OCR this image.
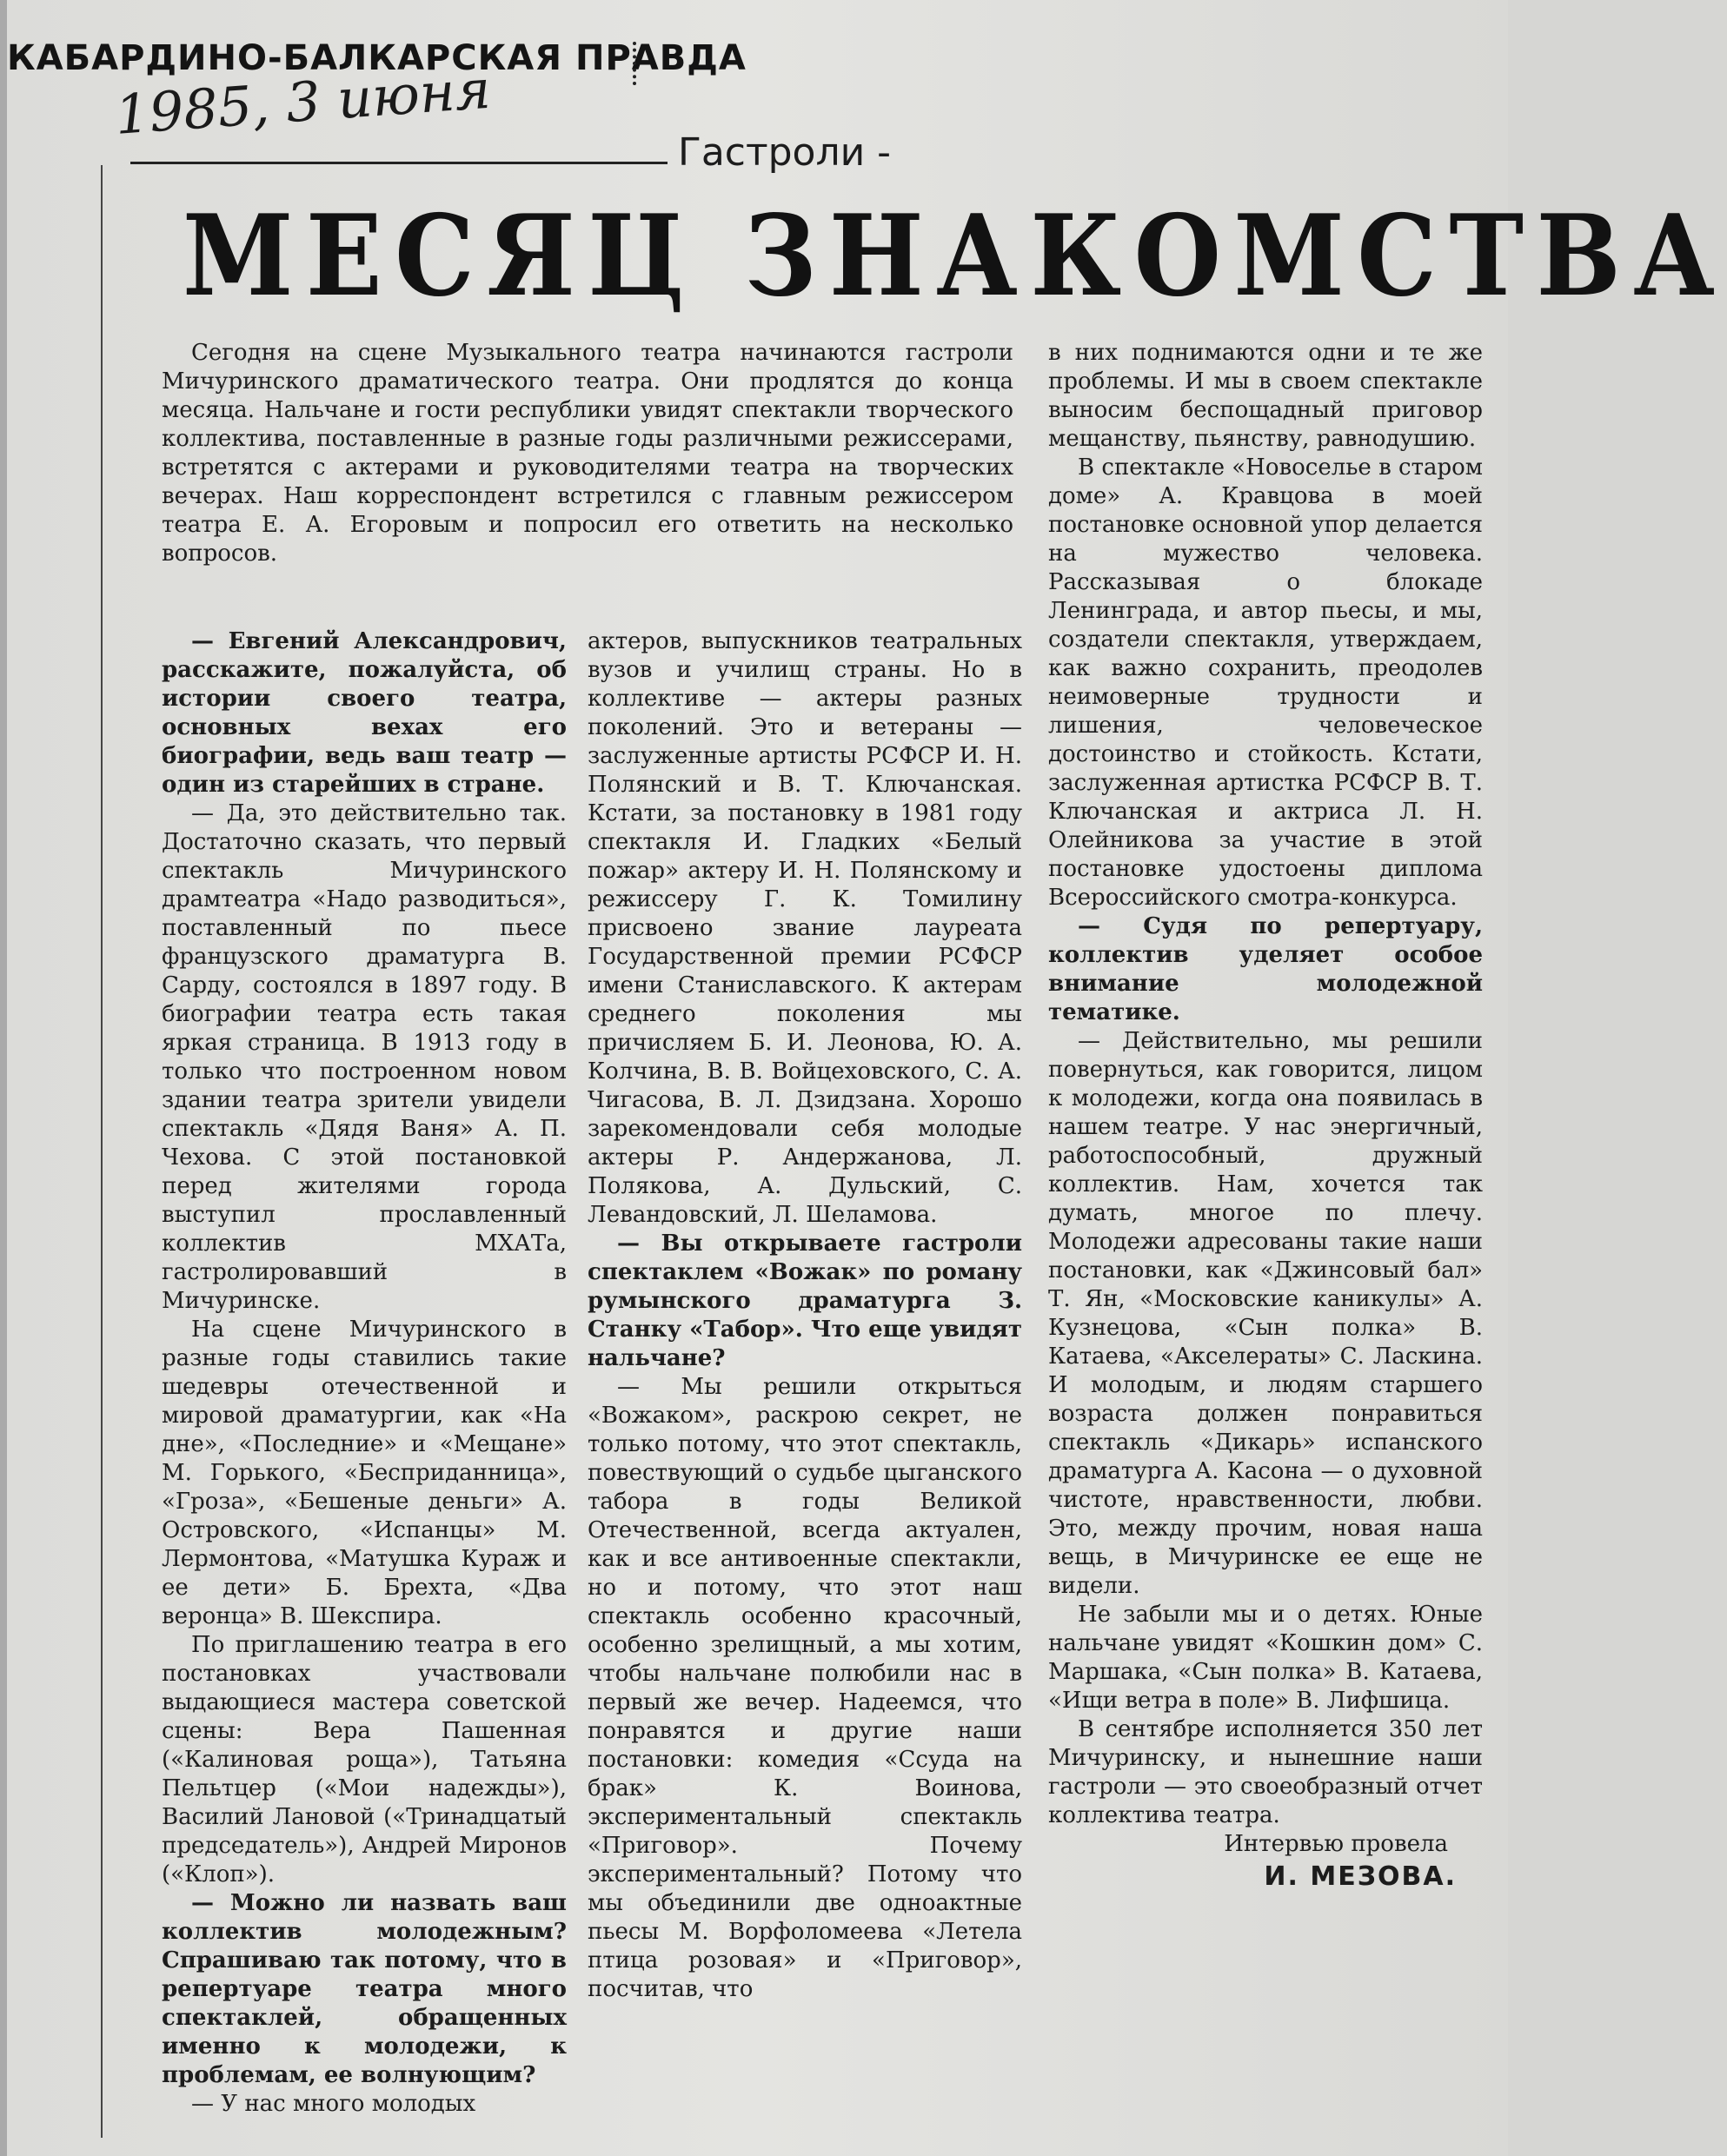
КАБАРДИНО-БАЛКАРСКАЯ ПРАВДА
1985, 3 июня
Гастроли -
МЕСЯЦ ЗНАКОМСТВА

Сегодня на сцене Музыкального театра начинаются гастроли Мичуринского драматического театра. Они продлятся до конца месяца. Нальчане и гости республики увидят спектакли творческого коллектива, поставленные в разные годы различными режиссерами, встретятся с актерами и руководителями театра на творческих вечерах. Наш корреспондент встретился с главным режиссером театра Е. А. Егоровым и попросил его ответить на несколько вопросов.

— Евгений Александрович, расскажите, пожалуйста, об истории своего театра, основных вехах его биографии, ведь ваш театр — один из старейших в стране.

— Да, это действительно так. Достаточно сказать, что первый спектакль Мичуринского драмтеатра «Надо разводиться», поставленный по пьесе французского драматурга В. Сарду, состоялся в 1897 году. В биографии театра есть такая яркая страница. В 1913 году в только что построенном новом здании театра зрители увидели спектакль «Дядя Ваня» А. П. Чехова. С этой постановкой перед жителями города выступил прославленный коллектив МХАТа, гастролировавший в Мичуринске.

На сцене Мичуринского в разные годы ставились такие шедевры отечественной и мировой драматургии, как «На дне», «Последние» и «Мещане» М. Горького, «Бесприданница», «Гроза», «Бешеные деньги» А. Островского, «Испанцы» М. Лермонтова, «Матушка Кураж и ее дети» Б. Брехта, «Два веронца» В. Шекспира.

По приглашению театра в его постановках участвовали выдающиеся мастера советской сцены: Вера Пашенная («Калиновая роща»), Татьяна Пельтцер («Мои надежды»), Василий Лановой («Тринадцатый председатель»), Андрей Миронов («Клоп»).

— Можно ли назвать ваш коллектив молодежным? Спрашиваю так потому, что в репертуаре театра много спектаклей, обращенных именно к молодежи, к проблемам, ее волнующим?

— У нас много молодых

актеров, выпускников театральных вузов и училищ страны. Но в коллективе — актеры разных поколений. Это и ветераны — заслуженные артисты РСФСР И. Н. Полянский и В. Т. Ключанская. Кстати, за постановку в 1981 году спектакля И. Гладких «Белый пожар» актеру И. Н. Полянскому и режиссеру Г. К. Томилину присвоено звание лауреата Государственной премии РСФСР имени Станиславского. К актерам среднего поколения мы причисляем Б. И. Леонова, Ю. А. Колчина, В. В. Войцеховского, С. А. Чигасова, В. Л. Дзидзана. Хорошо зарекомендовали себя молодые актеры Р. Андержанова, Л. Полякова, А. Дульский, С. Левандовский, Л. Шеламова.

— Вы открываете гастроли спектаклем «Вожак» по роману румынского драматурга З. Станку «Табор». Что еще увидят нальчане?

— Мы решили открыться «Вожаком», раскрою секрет, не только потому, что этот спектакль, повествующий о судьбе цыганского табора в годы Великой Отечественной, всегда актуален, как и все антивоенные спектакли, но и потому, что этот наш спектакль особенно красочный, особенно зрелищный, а мы хотим, чтобы нальчане полюбили нас в первый же вечер. Надеемся, что понравятся и другие наши постановки: комедия «Ссуда на брак» К. Воинова, экспериментальный спектакль «Приговор». Почему экспериментальный? Потому что мы объединили две одноактные пьесы М. Ворфоломеева «Летела птица розовая» и «Приговор», посчитав, что

в них поднимаются одни и те же проблемы. И мы в своем спектакле выносим беспощадный приговор мещанству, пьянству, равнодушию.

В спектакле «Новоселье в старом доме» А. Кравцова в моей постановке основной упор делается на мужество человека. Рассказывая о блокаде Ленинграда, и автор пьесы, и мы, создатели спектакля, утверждаем, как важно сохранить, преодолев неимоверные трудности и лишения, человеческое достоинство и стойкость. Кстати, заслуженная артистка РСФСР В. Т. Ключанская и актриса Л. Н. Олейникова за участие в этой постановке удостоены диплома Всероссийского смотра-конкурса.

— Судя по репертуару, коллектив уделяет особое внимание молодежной тематике.

— Действительно, мы решили повернуться, как говорится, лицом к молодежи, когда она появилась в нашем театре. У нас энергичный, работоспособный, дружный коллектив. Нам, хочется так думать, многое по плечу. Молодежи адресованы такие наши постановки, как «Джинсовый бал» Т. Ян, «Московские каникулы» А. Кузнецова, «Сын полка» В. Катаева, «Акселераты» С. Ласкина. И молодым, и людям старшего возраста должен понравиться спектакль «Дикарь» испанского драматурга А. Касона — о духовной чистоте, нравственности, любви. Это, между прочим, новая наша вещь, в Мичуринске ее еще не видели.

Не забыли мы и о детях. Юные нальчане увидят «Кошкин дом» С. Маршака, «Сын полка» В. Катаева, «Ищи ветра в поле» В. Лифшица.

В сентябре исполняется 350 лет Мичуринску, и нынешние наши гастроли — это своеобразный отчет коллектива театра.

Интервью провела

И. МЕЗОВА.
